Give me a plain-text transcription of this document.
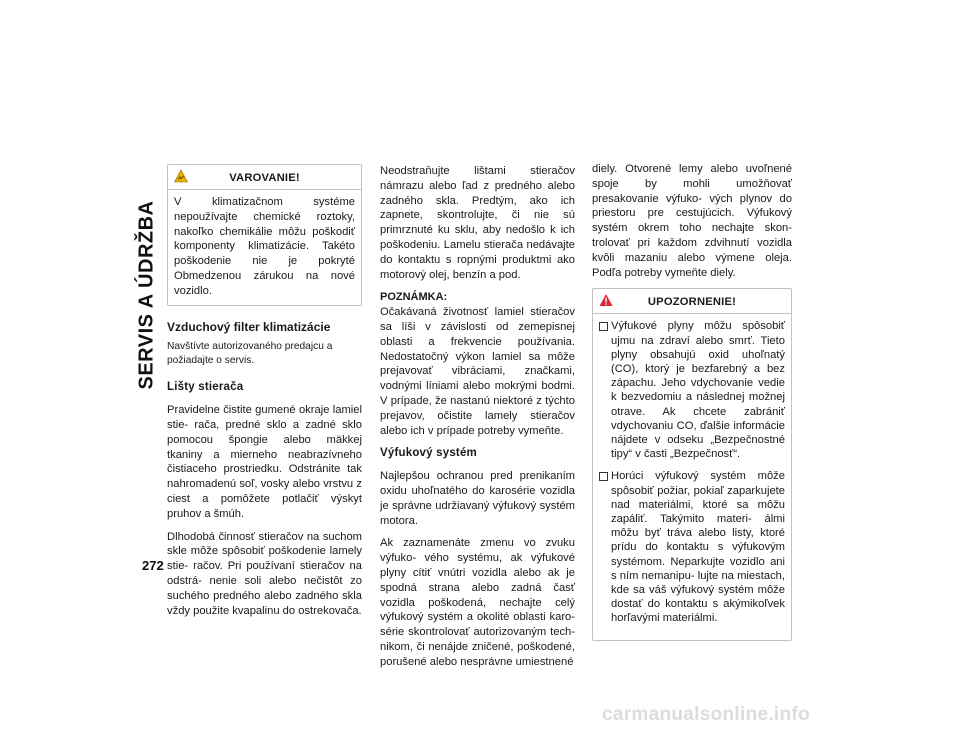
SERVIS A ÚDRŽBA
272
VAROVANIE!
V klimatizačnom systéme nepoužívajte chemické roztoky, nakoľko chemikálie môžu poškodiť komponenty klimatizácie. Takéto poškodenie nie je pokryté Obmedzenou zárukou na nové vozidlo.
Vzduchový filter klimatizácie
Navštívte autorizovaného predajcu a požiadajte o servis.
Lišty stierača

Pravidelne čistite gumené okraje lamiel stie- rača, predné sklo a zadné sklo pomocou špongie alebo mäkkej tkaniny a mierneho neabrazívneho čistiaceho prostriedku. Odstránite tak nahromadenú soľ, vosky alebo vrstvu z ciest a pomôžete potlačiť výskyt pruhov a šmúh.

Dlhodobá činnosť stieračov na suchom skle môže spôsobiť poškodenie lamely stie- račov. Pri používaní stieračov na odstrá- nenie soli alebo nečistôt zo suchého predného alebo zadného skla vždy použite kvapalinu do ostrekovača.

Neodstraňujte lištami stieračov námrazu alebo ľad z predného alebo zadného skla. Predtým, ako ich zapnete, skontrolujte, či nie sú primrznuté ku sklu, aby nedošlo k ich poškodeniu. Lamelu stierača nedávajte do kontaktu s ropnými produktmi ako motorový olej, benzín a pod.

POZNÁMKA:

Očakávaná životnosť lamiel stieračov sa líši v závislosti od zemepisnej oblasti a frekvencie používania. Nedostatočný výkon lamiel sa môže prejavovať vibráciami, značkami, vodnými líniami alebo mokrými bodmi. V prípade, že nastanú niektoré z týchto prejavov, očistite lamely stieračov alebo ich v prípade potreby vymeňte.

Výfukový systém

Najlepšou ochranou pred prenikaním oxidu uhoľnatého do karosérie vozidla je správne udržiavaný výfukový systém motora.

Ak zaznamenáte zmenu vo zvuku výfuko- vého systému, ak výfukové plyny cítiť vnútri vozidla alebo ak je spodná strana alebo zadná časť vozidla poškodená, nechajte celý výfukový systém a okolité oblasti karo- série skontrolovať autorizovaným tech- nikom, či nenájde zničené, poškodené, porušené alebo nesprávne umiestnené

diely. Otvorené lemy alebo uvoľnené spoje by mohli umožňovať presakovanie výfuko- vých plynov do priestoru pre cestujúcich. Výfukový systém okrem toho nechajte skon- trolovať pri každom zdvihnutí vozidla kvôli mazaniu alebo výmene oleja. Podľa potreby vymeňte diely.

UPOZORNENIE!
Výfukové plyny môžu spôsobiť ujmu na zdraví alebo smrť. Tieto plyny obsahujú oxid uhoľnatý (CO), ktorý je bezfarebný a bez zápachu. Jeho vdychovanie vedie k bezvedomiu a následnej možnej otrave. Ak chcete zabrániť vdychovaniu CO, ďalšie informácie nájdete v odseku „Bezpečnostné tipy“ v časti „Bezpečnosť“.
Horúci výfukový systém môže spôsobiť požiar, pokiaľ zaparkujete nad materiálmi, ktoré sa môžu zapáliť. Takýmito materi- álmi môžu byť tráva alebo listy, ktoré prídu do kontaktu s výfukovým systémom. Neparkujte vozidlo ani s ním nemanipu- lujte na miestach, kde sa váš výfukový systém môže dostať do kontaktu s akýmikoľvek horľavými materiálmi.
carmanualsonline.info
